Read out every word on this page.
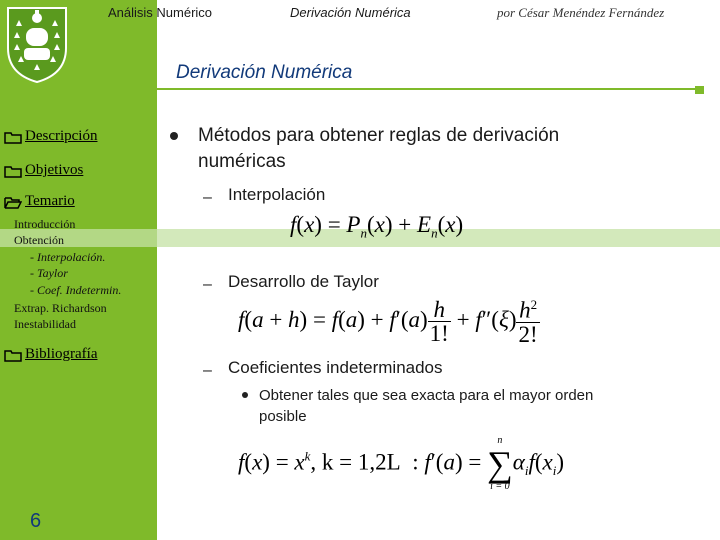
Análisis Numérico	Derivación Numérica	por César Menéndez Fernández
Derivación Numérica
Descripción
Objetivos
Temario
Introducción
Obtención
- Interpolación.
- Taylor
- Coef. Indetermin.
Extrap. Richardson
Inestabilidad
Bibliografía
6
Métodos para obtener reglas de derivación
numéricas
– Interpolación
$f(x) = P_n(x) + E_n(x)$
– Desarrollo de Taylor
$f(a + h) = f(a) + f'(a) \frac{h}{1!} + f''(\xi) \frac{h^2}{2!}$
– Coeficientes indeterminados
Obtener tales que sea exacta para el mayor orden
posible
$f(x) = x^k$, k = 1,2L : f′(a) =
n
∑
i = 0
$\alpha_if(x_i)$
